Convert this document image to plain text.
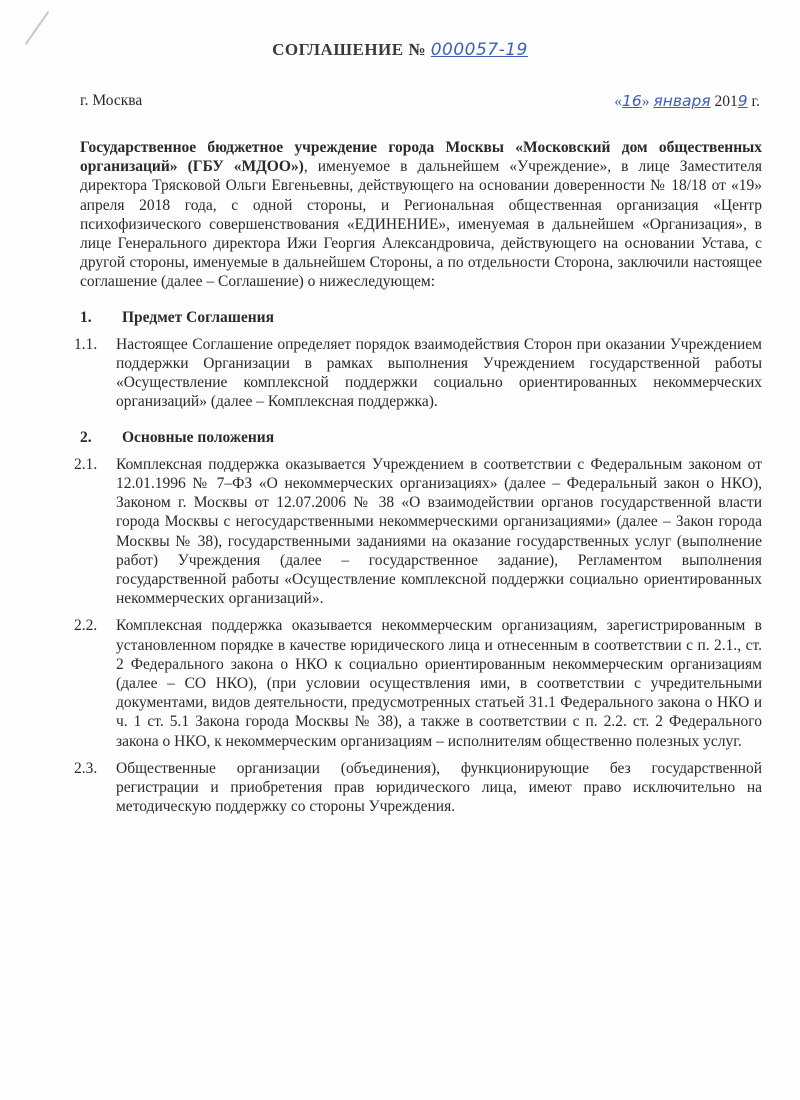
СОГЛАШЕНИЕ № 000057-19
г. Москва	«16» января 2019 г.

Государственное бюджетное учреждение города Москвы «Московский дом общественных организаций» (ГБУ «МДОО»), именуемое в дальнейшем «Учреждение», в лице Заместителя директора Трясковой Ольги Евгеньевны, действующего на основании доверенности № 18/18 от «19» апреля 2018 года, с одной стороны, и Региональная общественная организация «Центр психофизического совершенствования «ЕДИНЕНИЕ», именуемая в дальнейшем «Организация», в лице Генерального директора Ижи Георгия Александровича, действующего на основании Устава, с другой стороны, именуемые в дальнейшем Стороны, а по отдельности Сторона, заключили настоящее соглашение (далее – Соглашение) о нижеследующем:

1.	Предмет Соглашения

1.1.	Настоящее Соглашение определяет порядок взаимодействия Сторон при оказании Учреждением поддержки Организации в рамках выполнения Учреждением государственной работы «Осуществление комплексной поддержки социально ориентированных некоммерческих организаций» (далее – Комплексная поддержка).

2.	Основные положения

2.1.	Комплексная поддержка оказывается Учреждением в соответствии с Федеральным законом от 12.01.1996 № 7–ФЗ «О некоммерческих организациях» (далее – Федеральный закон о НКО), Законом г. Москвы от 12.07.2006 № 38 «О взаимодействии органов государственной власти города Москвы с негосударственными некоммерческими организациями» (далее – Закон города Москвы № 38), государственными заданиями на оказание государственных услуг (выполнение работ) Учреждения (далее – государственное задание), Регламентом выполнения государственной работы «Осуществление комплексной поддержки социально ориентированных некоммерческих организаций».
2.2.	Комплексная поддержка оказывается некоммерческим организациям, зарегистрированным в установленном порядке в качестве юридического лица и отнесенным в соответствии с п. 2.1., ст. 2 Федерального закона о НКО к социально ориентированным некоммерческим организациям (далее – СО НКО), (при условии осуществления ими, в соответствии с учредительными документами, видов деятельности, предусмотренных статьей 31.1 Федерального закона о НКО и ч. 1 ст. 5.1 Закона города Москвы № 38), а также в соответствии с п. 2.2. ст. 2 Федерального закона о НКО, к некоммерческим организациям – исполнителям общественно полезных услуг.
2.3.	Общественные организации (объединения), функционирующие без государственной регистрации и приобретения прав юридического лица, имеют право исключительно на методическую поддержку со стороны Учреждения.
